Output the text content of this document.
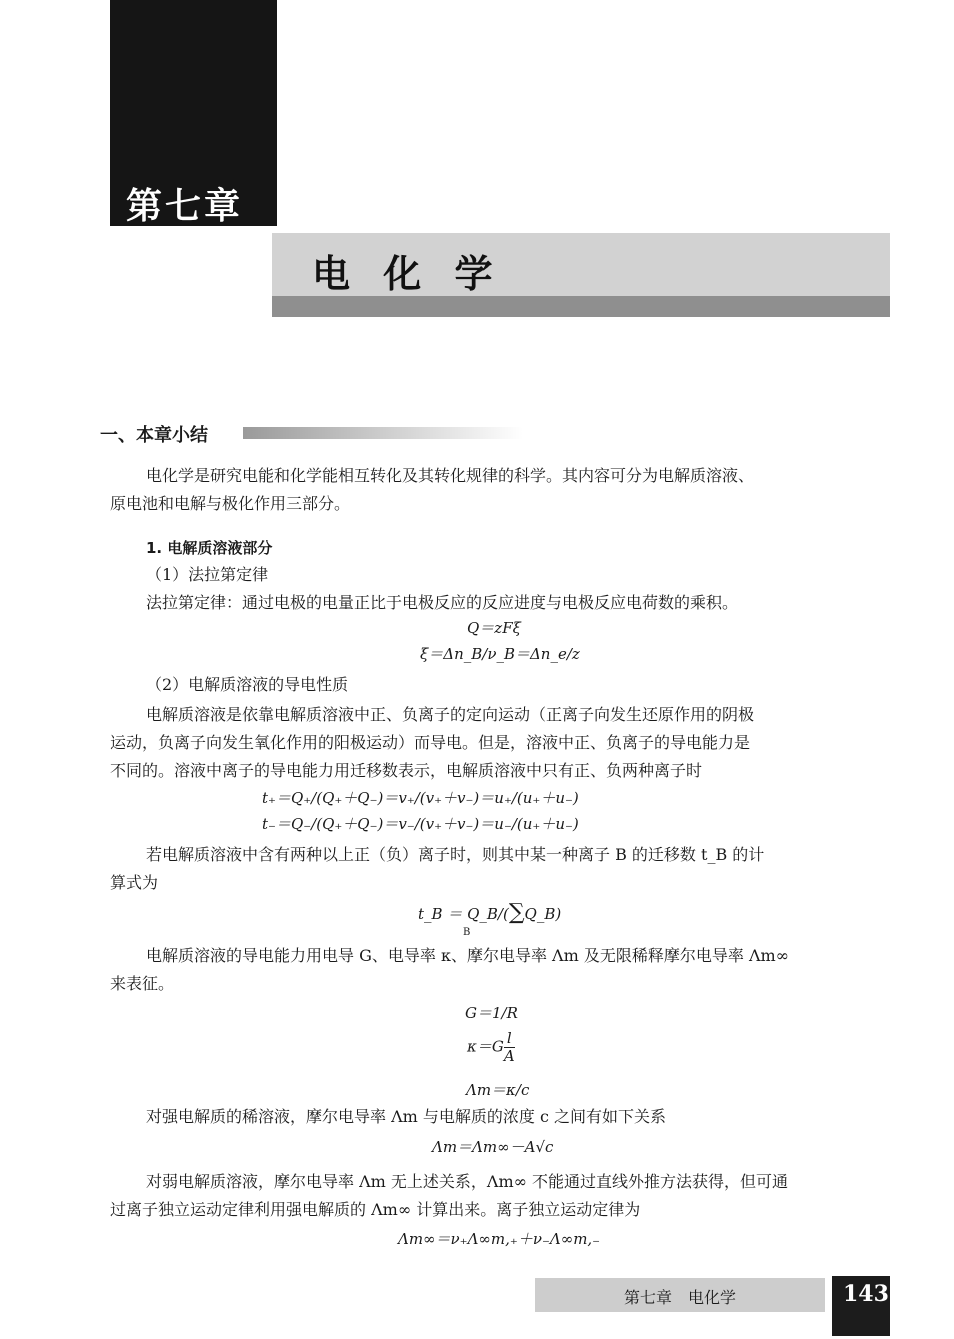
第七章
电 化 学
一、本章小结
电化学是研究电能和化学能相互转化及其转化规律的科学。其内容可分为电解质溶液、
原电池和电解与极化作用三部分。
1. 电解质溶液部分
（1）法拉第定律
法拉第定律：通过电极的电量正比于电极反应的反应进度与电极反应电荷数的乘积。
Q＝zFξ
ξ＝Δn_B/ν_B＝Δn_e/z
（2）电解质溶液的导电性质
电解质溶液是依靠电解质溶液中正、负离子的定向运动（正离子向发生还原作用的阴极
运动，负离子向发生氧化作用的阳极运动）而导电。但是，溶液中正、负离子的导电能力是
不同的。溶液中离子的导电能力用迁移数表示，电解质溶液中只有正、负两种离子时
t₊＝Q₊/(Q₊＋Q₋)＝v₊/(v₊＋v₋)＝u₊/(u₊＋u₋)
t₋＝Q₋/(Q₊＋Q₋)＝v₋/(v₊＋v₋)＝u₋/(u₊＋u₋)
若电解质溶液中含有两种以上正（负）离子时，则其中某一种离子 B 的迁移数 t_B 的计
算式为
t_B ＝ Q_B/(∑Q_B)
B
电解质溶液的导电能力用电导 G、电导率 κ、摩尔电导率 Λm 及无限稀释摩尔电导率 Λm∞
来表征。
G＝1/R
$\kappa=G \frac{l}{A}$
Λm＝κ/c
对强电解质的稀溶液，摩尔电导率 Λm 与电解质的浓度 c 之间有如下关系
Λm＝Λm∞－A√c
对弱电解质溶液，摩尔电导率 Λm 无上述关系，Λm∞ 不能通过直线外推方法获得，但可通
过离子独立运动定律利用强电解质的 Λm∞ 计算出来。离子独立运动定律为
Λm∞＝ν₊Λ∞m,₊＋ν₋Λ∞m,₋
第七章　电化学	143
